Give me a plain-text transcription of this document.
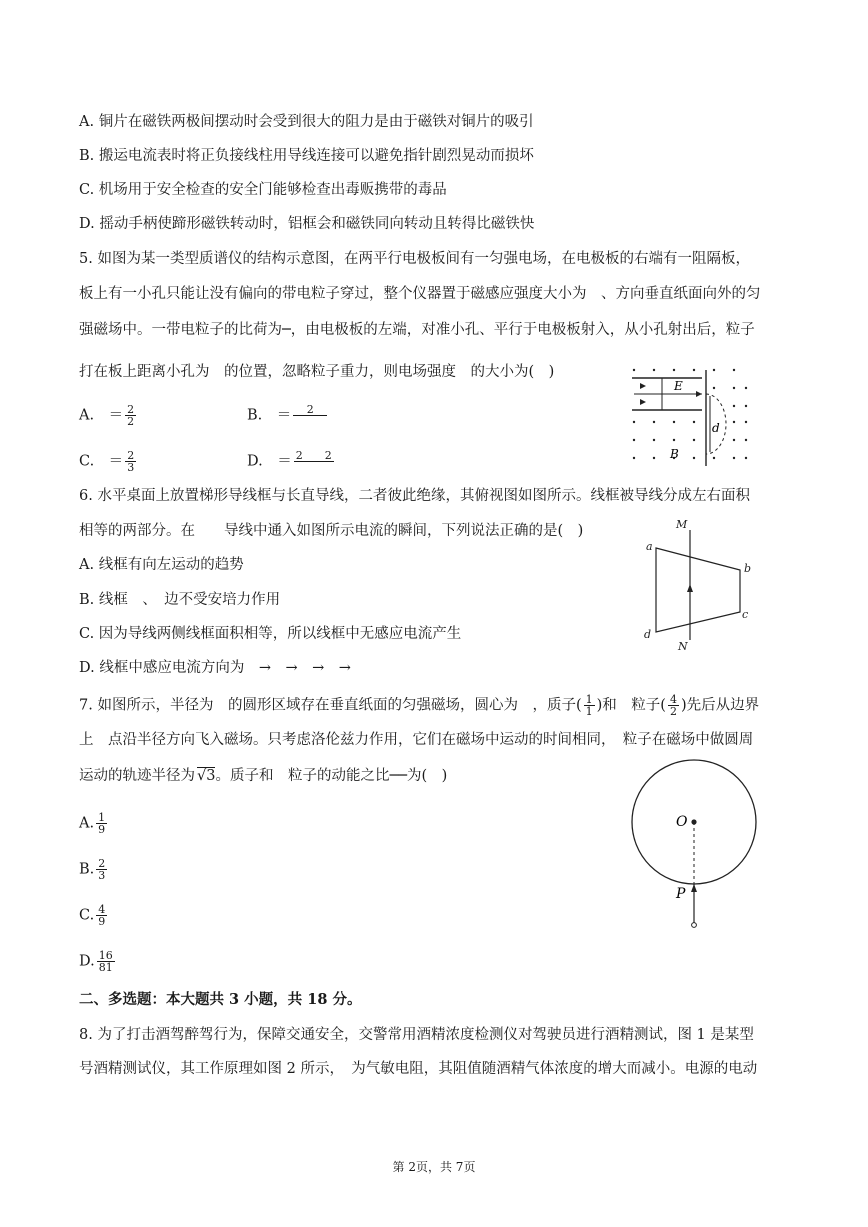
A. 铜片在磁铁两极间摆动时会受到很大的阻力是由于磁铁对铜片的吸引
B. 搬运电流表时将正负接线柱用导线连接可以避免指针剧烈晃动而损坏
C. 机场用于安全检查的安全门能够检查出毒贩携带的毒品
D. 摇动手柄使蹄形磁铁转动时，铝框会和磁铁同向转动且转得比磁铁快
5. 如图为某一类型质谱仪的结构示意图，在两平行电极板间有一匀强电场，在电极板的右端有一阻隔板，
板上有一小孔只能让没有偏向的带电粒子穿过，整个仪器置于磁感应强度大小为　、方向垂直纸面向外的匀
强磁场中。一带电粒子的比荷为─，由电极板的左端，对准小孔、平行于电极板射入，从小孔射出后，粒子
打在板上距离小孔为　的位置，忽略粒子重力，则电场强度　的大小为(　)
A.　＝ $\frac{2}{2}$	B.　＝	2

C.　＝ $\frac{2}{3}$	D.　＝ 2　　2

E
d
B
6. 水平桌面上放置梯形导线框与长直导线，二者彼此绝缘，其俯视图如图所示。线框被导线分成左右面积
相等的两部分。在　　导线中通入如图所示电流的瞬间，下列说法正确的是(　)
A. 线框有向左运动的趋势
B. 线框　、　边不受安培力作用
C. 因为导线两侧线框面积相等，所以线框中无感应电流产生
D. 线框中感应电流方向为　→　→　→　→
M
N
a
b
c
d
7. 如图所示，半径为　的圆形区域存在垂直纸面的匀强磁场，圆心为　，质子( $\frac{1}{1}$ )和　粒子( $\frac{4}{2}$ )先后从边界
上　点沿半径方向飞入磁场。只考虑洛伦兹力作用，它们在磁场中运动的时间相同，　粒子在磁场中做圆周
运动的轨迹半径为 √3。质子和　粒子的动能之比──为(　)
A. $\frac{1}{9}$
B. $\frac{2}{3}$
C. $\frac{4}{9}$
D. $\frac{16}{81}$
O
P
二、多选题：本大题共 3 小题，共 18 分。
8. 为了打击酒驾醉驾行为，保障交通安全，交警常用酒精浓度检测仪对驾驶员进行酒精测试，图 1 是某型
号酒精测试仪，其工作原理如图 2 所示，　为气敏电阻，其阻值随酒精气体浓度的增大而减小。电源的电动
第 2页，共 7页
